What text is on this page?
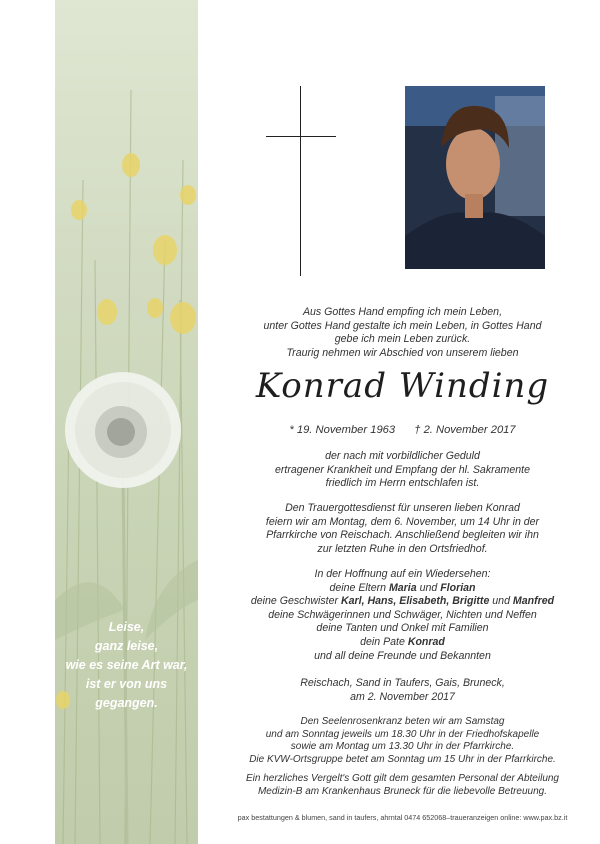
Leise,
ganz leise,
wie es seine Art war,
ist er von uns
gegangen.
Aus Gottes Hand empfing ich mein Leben,
unter Gottes Hand gestalte ich mein Leben, in Gottes Hand
gebe ich mein Leben zurück.
Traurig nehmen wir Abschied von unserem lieben
Konrad Winding
* 19. November 1963 † 2. November 2017
der nach mit vorbildlicher Geduld
ertragener Krankheit und Empfang der hl. Sakramente
friedlich im Herrn entschlafen ist.
Den Trauergottesdienst für unseren lieben Konrad
feiern wir am Montag, dem 6. November, um 14 Uhr in der
Pfarrkirche von Reischach. Anschließend begleiten wir ihn
zur letzten Ruhe in den Ortsfriedhof.
In der Hoffnung auf ein Wiedersehen:
deine Eltern Maria und Florian
deine Geschwister Karl, Hans, Elisabeth, Brigitte und Manfred
deine Schwägerinnen und Schwäger, Nichten und Neffen
deine Tanten und Onkel mit Familien
dein Pate Konrad
und all deine Freunde und Bekannten
Reischach, Sand in Taufers, Gais, Bruneck,
am 2. November 2017
Den Seelenrosenkranz beten wir am Samstag
und am Sonntag jeweils um 18.30 Uhr in der Friedhofskapelle
sowie am Montag um 13.30 Uhr in der Pfarrkirche.
Die KVW-Ortsgruppe betet am Sonntag um 15 Uhr in der Pfarrkirche.
Ein herzliches Vergelt's Gott gilt dem gesamten Personal der Abteilung
Medizin-B am Krankenhaus Bruneck für die liebevolle Betreuung.
pax bestattungen & blumen, sand in taufers, ahrntal 0474 652068–traueranzeigen online: www.pax.bz.it
